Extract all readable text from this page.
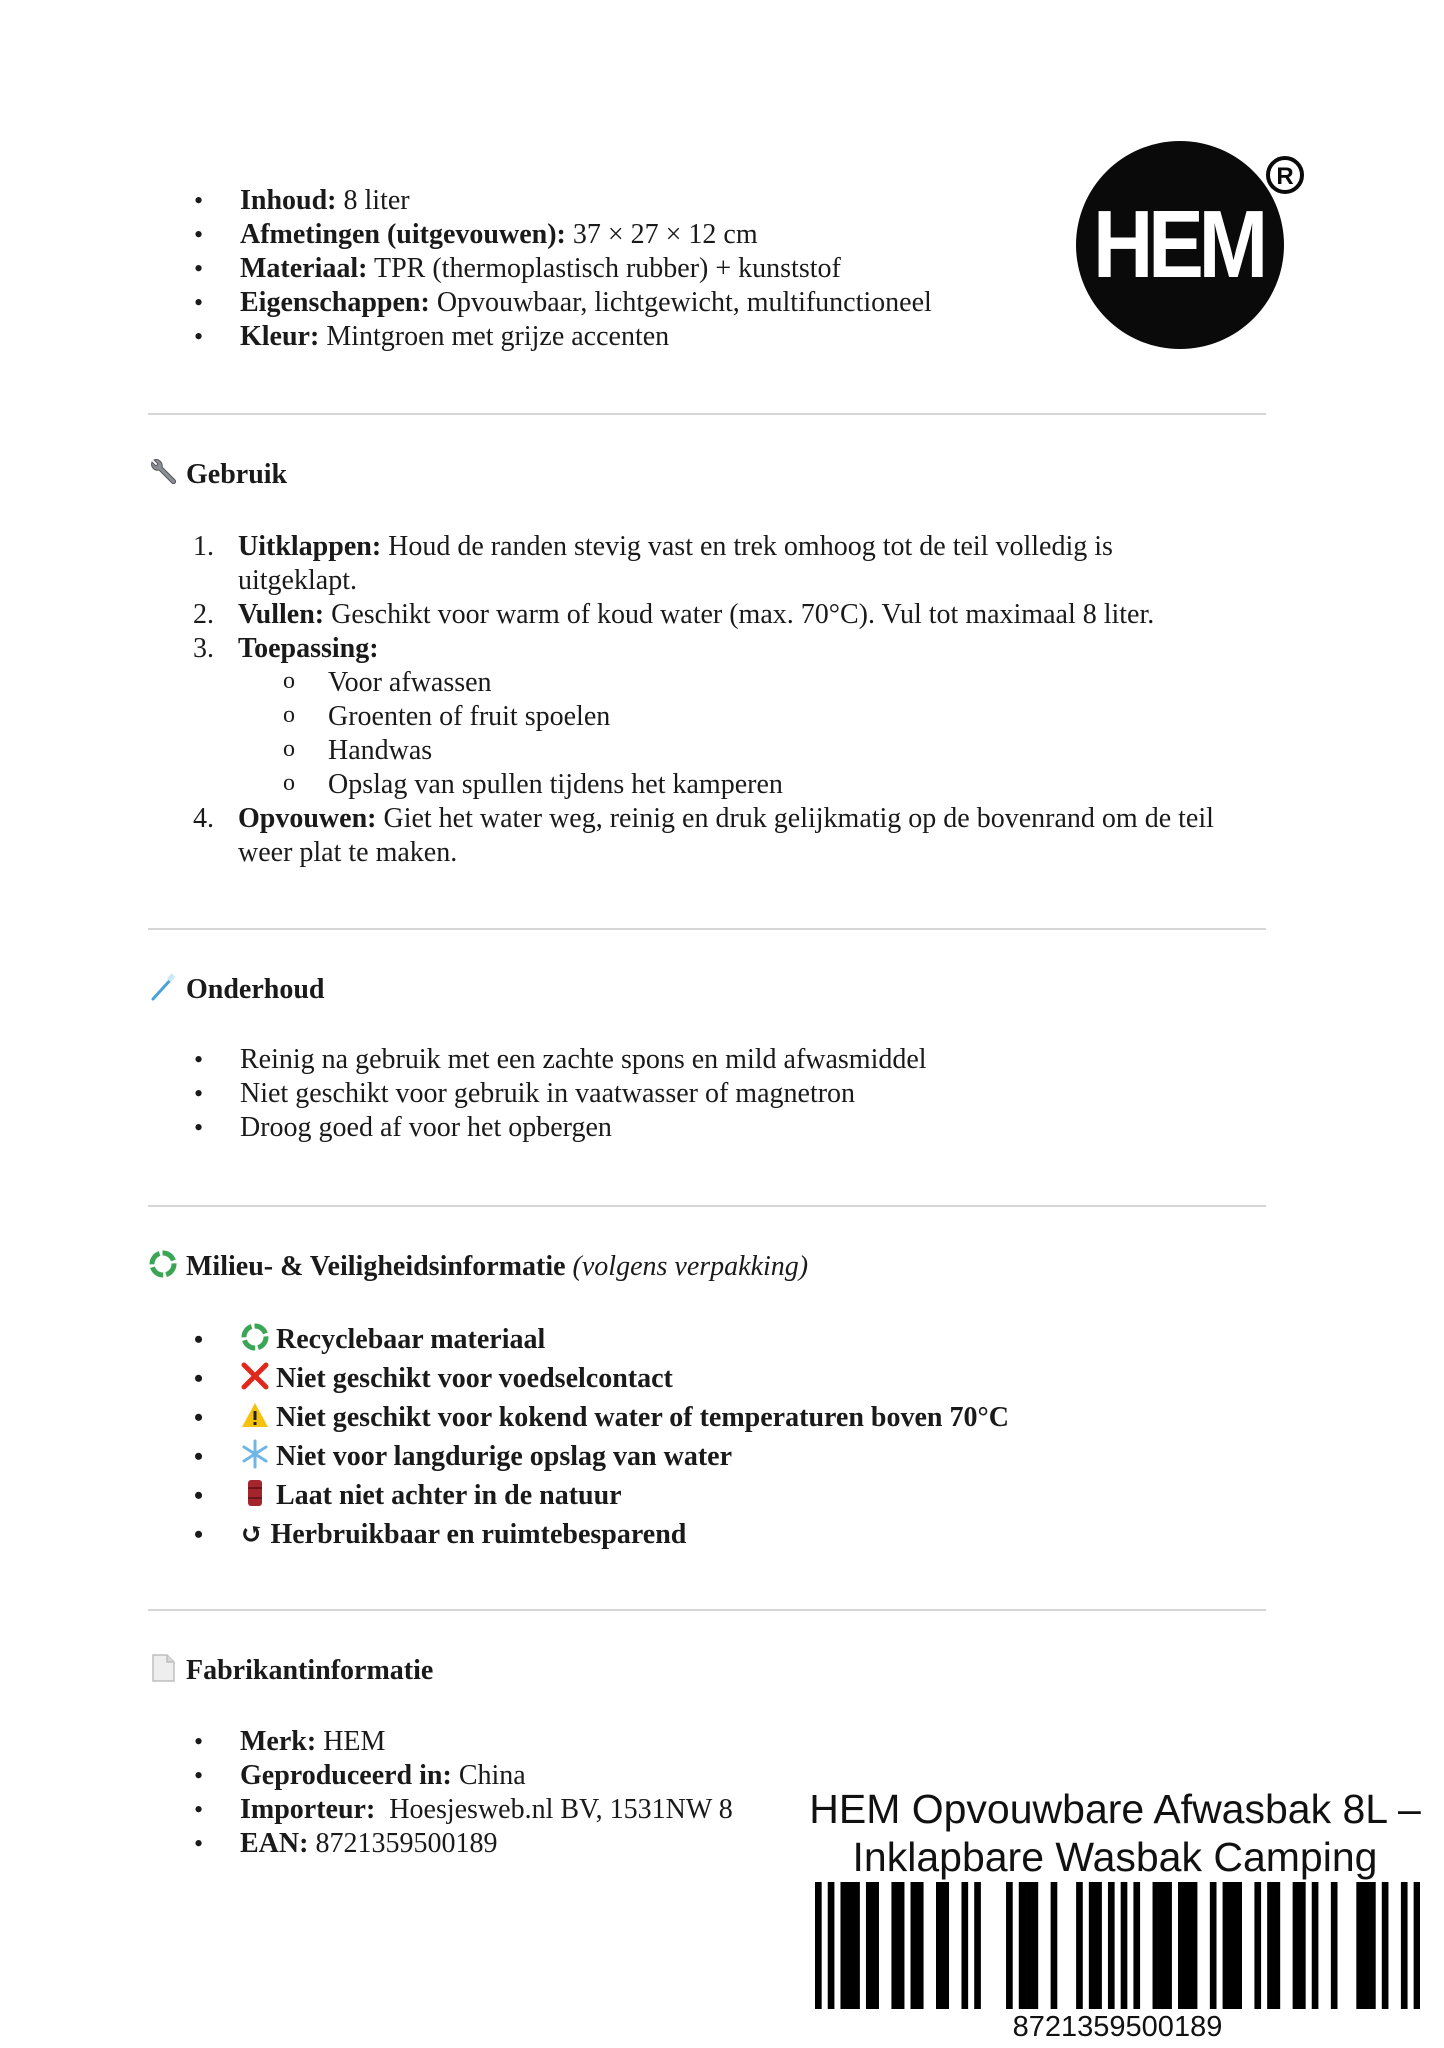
HEM
R
• Inhoud: 8 liter
• Afmetingen (uitgevouwen): 37 × 27 × 12 cm
• Materiaal: TPR (thermoplastisch rubber) + kunststof
• Eigenschappen: Opvouwbaar, lichtgewicht, multifunctioneel
• Kleur: Mintgroen met grijze accenten
Gebruik
1. Uitklappen: Houd de randen stevig vast en trek omhoog tot de teil volledig is uitgeklapt.
2. Vullen: Geschikt voor warm of koud water (max. 70°C). Vul tot maximaal 8 liter.
3. Toepassing:
o Voor afwassen
o Groenten of fruit spoelen
o Handwas
o Opslag van spullen tijdens het kamperen
4. Opvouwen: Giet het water weg, reinig en druk gelijkmatig op de bovenrand om de teil weer plat te maken.
Onderhoud
• Reinig na gebruik met een zachte spons en mild afwasmiddel
• Niet geschikt voor gebruik in vaatwasser of magnetron
• Droog goed af voor het opbergen
Milieu- & Veiligheidsinformatie (volgens verpakking)
• Recyclebaar materiaal
• Niet geschikt voor voedselcontact
• Niet geschikt voor kokend water of temperaturen boven 70°C
• Niet voor langdurige opslag van water
• Laat niet achter in de natuur
• ↺ Herbruikbaar en ruimtebesparend
Fabrikantinformatie
• Merk: HEM
• Geproduceerd in: China
• Importeur:  Hoesjesweb.nl BV, 1531NW 8
• EAN: 8721359500189
HEM Opvouwbare Afwasbak 8L –
Inklapbare Wasbak Camping
8721359500189
